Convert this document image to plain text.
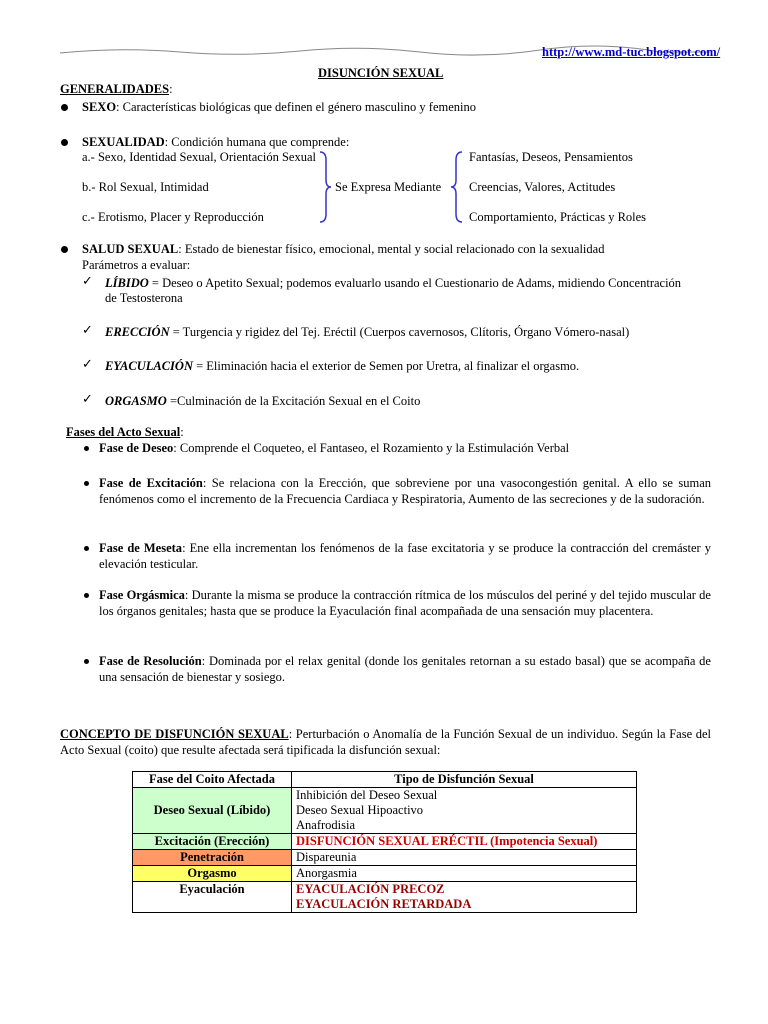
http://www.md-tuc.blogspot.com/
DISUNCIÓN SEXUAL
GENERALIDADES:
SEXO: Características biológicas que definen el género masculino y femenino
SEXUALIDAD: Condición humana que comprende:
a.- Sexo, Identidad Sexual, Orientación Sexual
b.- Rol Sexual, Intimidad
c.- Erotismo, Placer y Reproducción
Se Expresa Mediante
Fantasías, Deseos, Pensamientos
Creencias, Valores, Actitudes
Comportamiento, Prácticas y Roles
SALUD SEXUAL: Estado de bienestar físico, emocional, mental y social relacionado con la sexualidad
Parámetros a evaluar:
✓ LÍBIDO = Deseo o Apetito Sexual; podemos evaluarlo usando el Cuestionario de Adams, midiendo Concentración
de Testosterona
✓ ERECCIÓN = Turgencia y rigidez del Tej. Eréctil (Cuerpos cavernosos, Clítoris, Órgano Vómero-nasal)
✓ EYACULACIÓN = Eliminación hacia el exterior de Semen por Uretra, al finalizar el orgasmo.
✓ ORGASMO =Culminación de la Excitación Sexual en el Coito
Fases del Acto Sexual:
Fase de Deseo: Comprende el Coqueteo, el Fantaseo, el Rozamiento y la Estimulación Verbal
Fase de Excitación: Se relaciona con la Erección, que sobreviene por una vasocongestión genital. A ello se suman fenómenos como el incremento de la Frecuencia Cardiaca y Respiratoria, Aumento de las secreciones y de la sudoración.
Fase de Meseta: Ene ella incrementan los fenómenos de la fase excitatoria y se produce la contracción del cremáster y elevación testicular.
Fase Orgásmica: Durante la misma se produce la contracción rítmica de los músculos del periné y del tejido muscular de los órganos genitales; hasta que se produce la Eyaculación final acompañada de una sensación muy placentera.
Fase de Resolución: Dominada por el relax genital (donde los genitales retornan a su estado basal) que se acompaña de una sensación de bienestar y sosiego.
CONCEPTO DE DISFUNCIÓN SEXUAL: Perturbación o Anomalía de la Función Sexual de un individuo. Según la Fase del Acto Sexual (coito) que resulte afectada será tipificada la disfunción sexual:
Fase del Coito Afectada	Tipo de Disfunción Sexual
Deseo Sexual (Líbido)	Inhibición del Deseo Sexual
Deseo Sexual Hipoactivo
Anafrodisia

Excitación (Erección)	DISFUNCIÓN SEXUAL ERÉCTIL (Impotencia Sexual)
Penetración	Dispareunia
Orgasmo	Anorgasmia
Eyaculación	EYACULACIÓN PRECOZ
EYACULACIÓN RETARDADA
